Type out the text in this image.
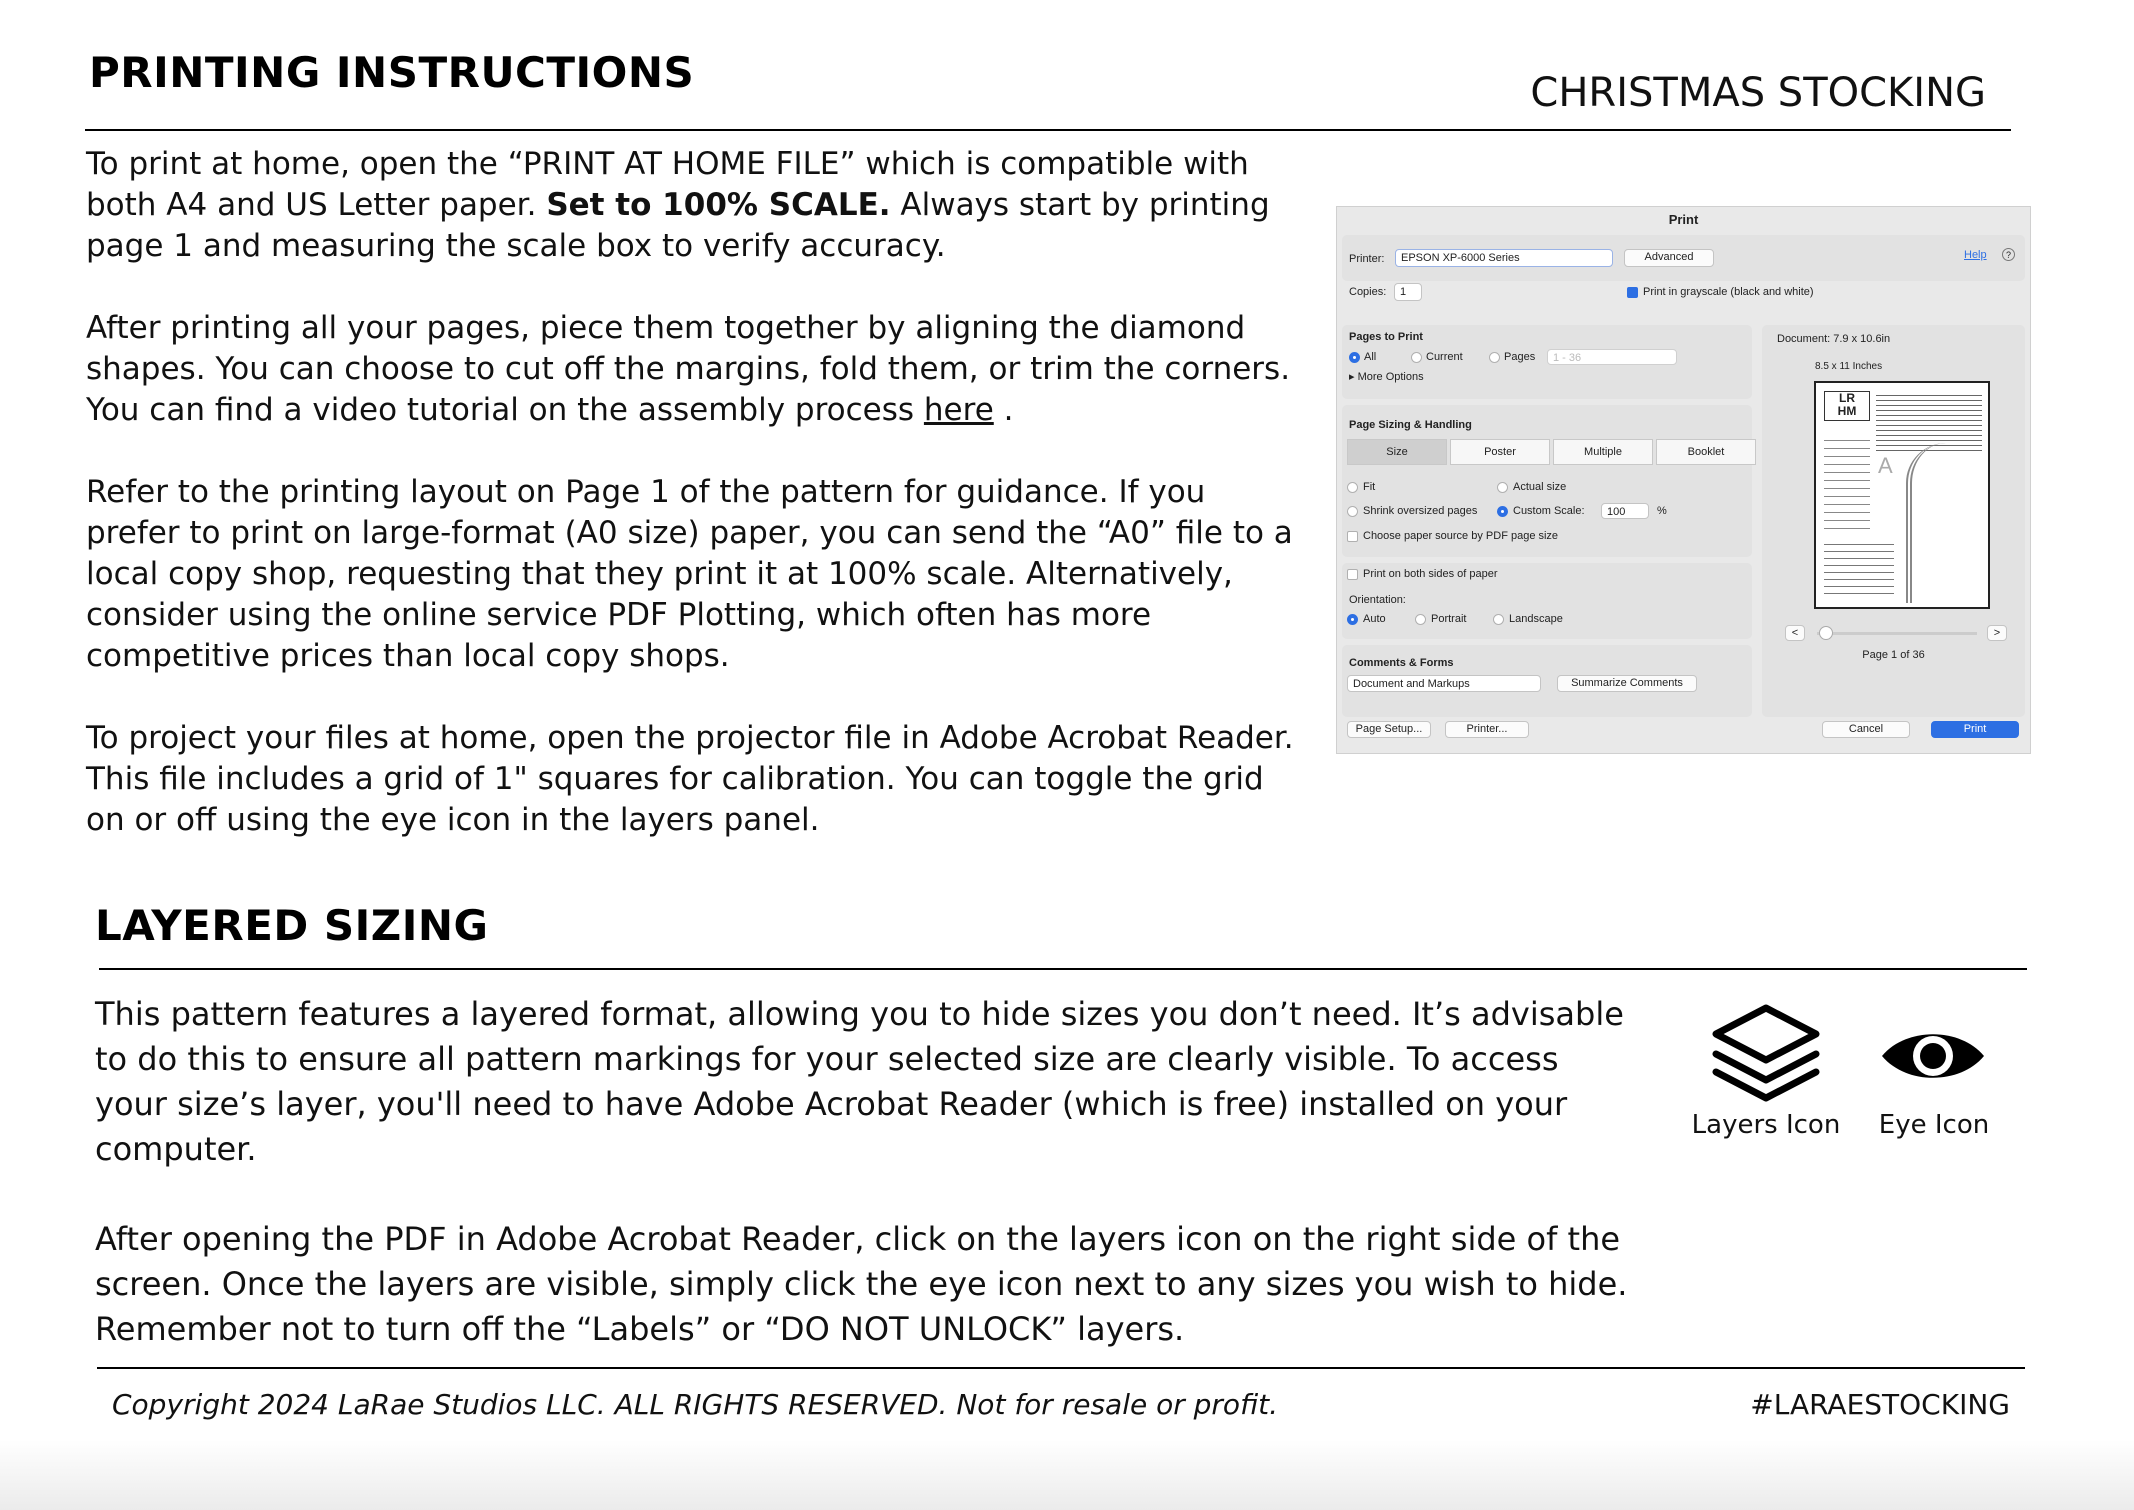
PRINTING INSTRUCTIONS	CHRISTMAS STOCKING

To print at home, open the “PRINT AT HOME FILE” which is compatible with both A4 and US Letter paper. Set to 100% SCALE. Always start by printing page 1 and measuring the scale box to verify accuracy.

After printing all your pages, piece them together by aligning the diamond shapes. You can choose to cut off the margins, fold them, or trim the corners. You can find a video tutorial on the assembly process here .

Refer to the printing layout on Page 1 of the pattern for guidance. If you prefer to print on large-format (A0 size) paper, you can send the “A0” file to a local copy shop, requesting that they print it at 100% scale. Alternatively, consider using the online service PDF Plotting, which often has more competitive prices than local copy shops.

To project your files at home, open the projector file in Adobe Acrobat Reader. This file includes a grid of 1" squares for calibration. You can toggle the grid on or off using the eye icon in the layers panel.

Print
Printer:	EPSON XP-6000 Series	Advanced	Help	?
Copies:	1	Print in grayscale (black and white)
Pages to Print
All	Current	Pages	1 - 36
▸ More Options
Page Sizing & Handling
Size	Poster	Multiple	Booklet
Fit	Actual size
Shrink oversized pages	Custom Scale:	100	%
Choose paper source by PDF page size
Print on both sides of paper
Orientation:
Auto	Portrait	Landscape
Comments & Forms
Document and Markups	Summarize Comments
Document: 7.9 x 10.6in
8.5 x 11 Inches
LR
HM
A
<	>
Page 1 of 36
Page Setup...	Printer...	Cancel	Print
LAYERED SIZING

This pattern features a layered format, allowing you to hide sizes you don’t need. It’s advisable to do this to ensure all pattern markings for your selected size are clearly visible. To access your size’s layer, you'll need to have Adobe Acrobat Reader (which is free) installed on your computer.

After opening the PDF in Adobe Acrobat Reader, click on the layers icon on the right side of the screen. Once the layers are visible, simply click the eye icon next to any sizes you wish to hide. Remember not to turn off the “Labels” or “DO NOT UNLOCK” layers.

Layers Icon	Eye Icon
Copyright 2024 LaRae Studios LLC. ALL RIGHTS RESERVED. Not for resale or profit.	#LARAESTOCKING
